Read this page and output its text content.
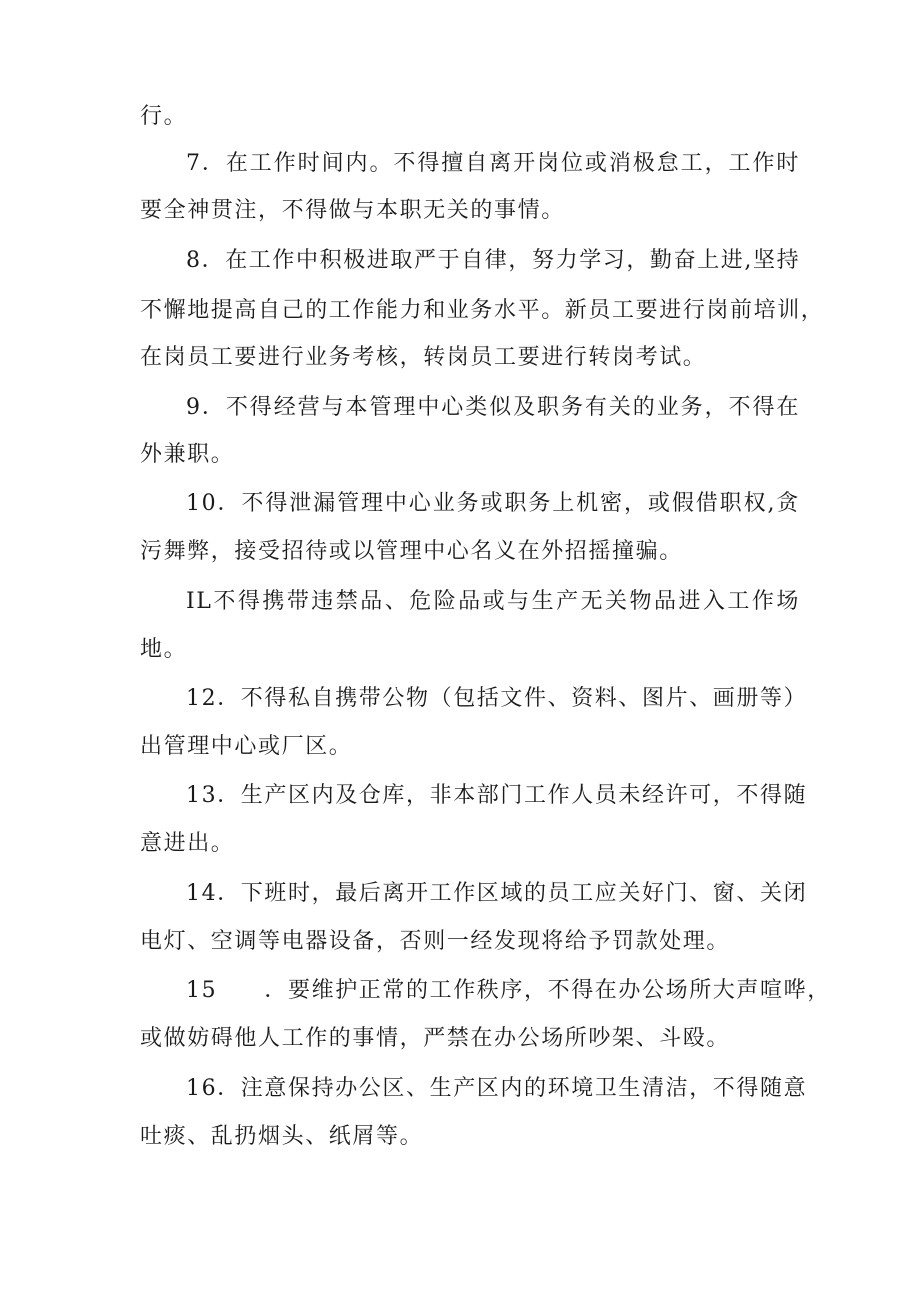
行。
7．在工作时间内。不得擅自离开岗位或消极怠工，工作时
要全神贯注，不得做与本职无关的事情。
8．在工作中积极进取严于自律，努力学习，勤奋上进,坚持
不懈地提高自己的工作能力和业务水平。新员工要进行岗前培训，
在岗员工要进行业务考核，转岗员工要进行转岗考试。
9．不得经营与本管理中心类似及职务有关的业务，不得在
外兼职。
10．不得泄漏管理中心业务或职务上机密，或假借职权,贪
污舞弊，接受招待或以管理中心名义在外招摇撞骗。
IL不得携带违禁品、危险品或与生产无关物品进入工作场
地。
12．不得私自携带公物（包括文件、资料、图片、画册等）
出管理中心或厂区。
13．生产区内及仓库，非本部门工作人员未经许可，不得随
意进出。
14．下班时，最后离开工作区域的员工应关好门、窗、关闭
电灯、空调等电器设备，否则一经发现将给予罚款处理。
15　　．要维护正常的工作秩序，不得在办公场所大声喧哗，
或做妨碍他人工作的事情，严禁在办公场所吵架、斗殴。
16．注意保持办公区、生产区内的环境卫生清洁，不得随意
吐痰、乱扔烟头、纸屑等。
